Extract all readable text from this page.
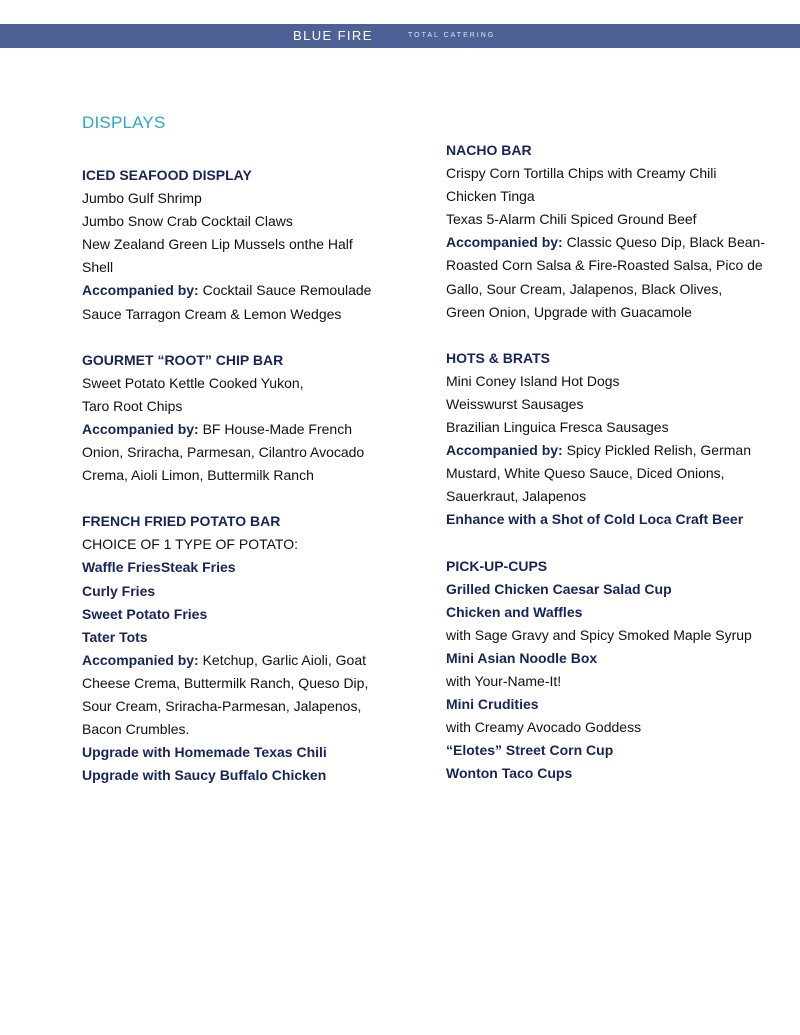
BLUE FIRE	TOTAL CATERING
DISPLAYS
ICED SEAFOOD DISPLAY
Jumbo Gulf Shrimp
Jumbo Snow Crab Cocktail Claws
New Zealand Green Lip Mussels onthe Half
Shell
Accompanied by: Cocktail Sauce Remoulade
Sauce Tarragon Cream & Lemon Wedges
GOURMET “ROOT” CHIP BAR
Sweet Potato Kettle Cooked Yukon,
Taro Root Chips
Accompanied by: BF House-Made French
Onion, Sriracha, Parmesan, Cilantro Avocado
Crema, Aioli Limon, Buttermilk Ranch
FRENCH FRIED POTATO BAR
CHOICE OF 1 TYPE OF POTATO:
Waffle FriesSteak Fries
Curly Fries
Sweet Potato Fries
Tater Tots
Accompanied by: Ketchup, Garlic Aioli, Goat
Cheese Crema, Buttermilk Ranch, Queso Dip,
Sour Cream, Sriracha-Parmesan, Jalapenos,
Bacon Crumbles.
Upgrade with Homemade Texas Chili
Upgrade with Saucy Buffalo Chicken
NACHO BAR
Crispy Corn Tortilla Chips with Creamy Chili
Chicken Tinga
Texas 5-Alarm Chili Spiced Ground Beef
Accompanied by: Classic Queso Dip, Black Bean-
Roasted Corn Salsa & Fire-Roasted Salsa, Pico de
Gallo, Sour Cream, Jalapenos, Black Olives,
Green Onion, Upgrade with Guacamole
HOTS & BRATS
Mini Coney Island Hot Dogs
Weisswurst Sausages
Brazilian Linguica Fresca Sausages
Accompanied by: Spicy Pickled Relish, German
Mustard, White Queso Sauce, Diced Onions,
Sauerkraut, Jalapenos
Enhance with a Shot of Cold Loca Craft Beer
PICK-UP-CUPS
Grilled Chicken Caesar Salad Cup
Chicken and Waffles
with Sage Gravy and Spicy Smoked Maple Syrup
Mini Asian Noodle Box
with Your-Name-It!
Mini Crudities
with Creamy Avocado Goddess
“Elotes” Street Corn Cup
Wonton Taco Cups
